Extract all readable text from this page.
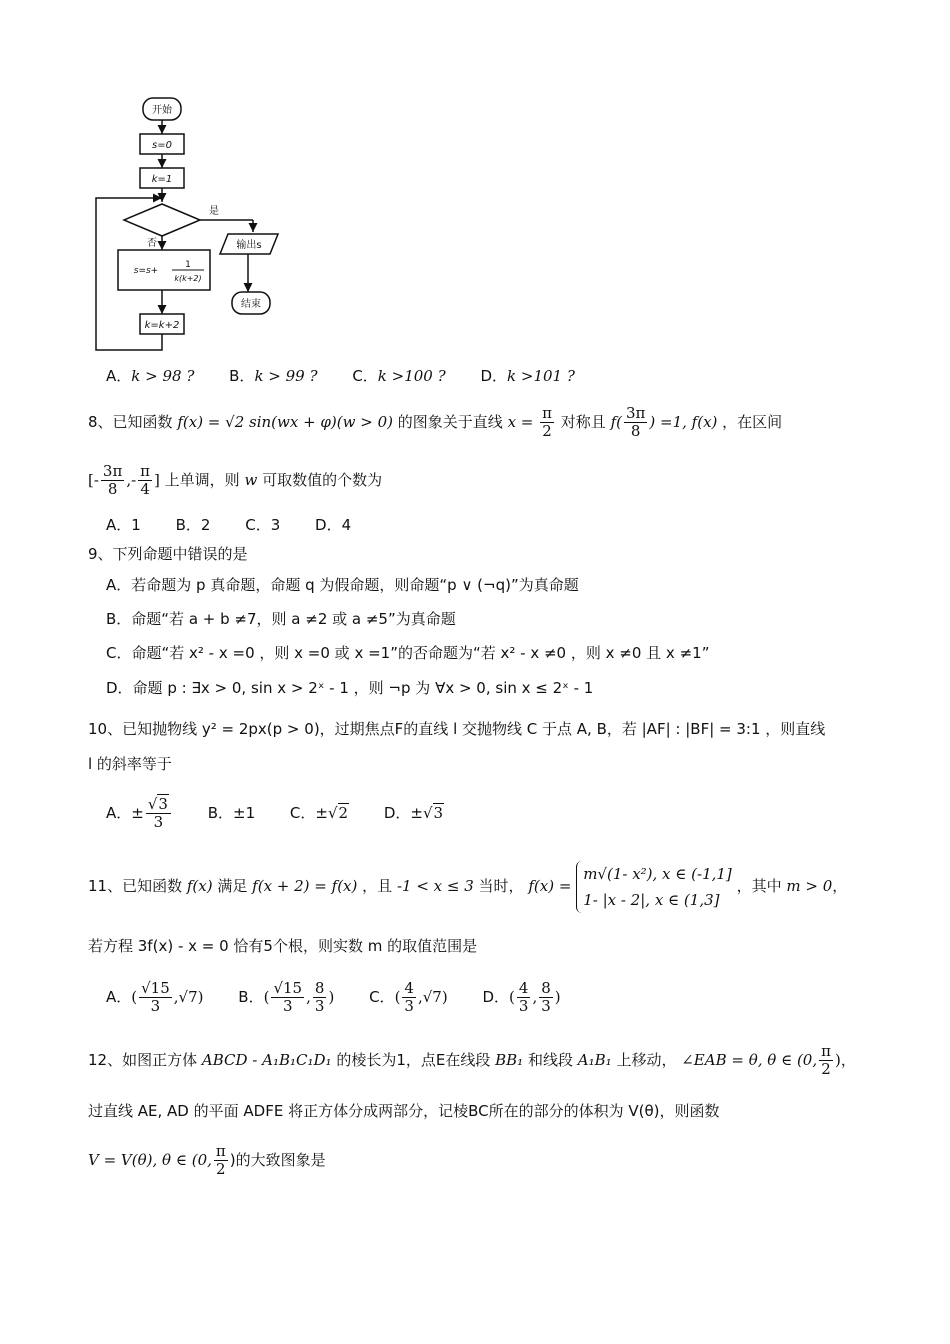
开始
s=0
k=1
是
否
s=s+
1
k(k+2)
k=k+2
输出s
结束
A．k > 98 ? B．k > 99 ? C．k >100 ? D．k >101 ?
8、已知函数 f(x) = √2 sin(wx + φ)(w > 0) 的图象关于直线 $x = \frac{\pi}{2}$ 对称且 $f( \frac{3\pi}{8}$ ) =1, f(x) ，在区间
[- $\frac{3\pi}{8}$ ,- $\frac{\pi}{4}$ ] 上单调，则 w 可取数值的个数为
A．1 B．2 C．3 D．4
9、下列命题中错误的是
A．若命题为 p 真命题，命题 q 为假命题，则命题“p ∨ (¬q)”为真命题
B．命题“若 a + b ≠7，则 a ≠2 或 a ≠5”为真命题
C．命题“若 x² - x =0 ，则 x =0 或 x =1”的否命题为“若 x² - x ≠0 ，则 x ≠0 且 x ≠1”
D．命题 p : ∃x > 0, sin x > 2ˣ - 1 ，则 ¬p 为 ∀x > 0, sin x ≤ 2ˣ - 1
10、已知抛物线 y² = 2px(p > 0)，过期焦点F的直线 l 交抛物线 C 于点 A, B，若 |AF| : |BF| = 3:1 ，则直线
l 的斜率等于
A．± $\frac{√3}{3}$ B．±1 C．±√2 D．±√3
11、已知函数 f(x) 满足 f(x + 2) = f(x) ，且 -1 < x ≤ 3 当时， f(x) =
m√(1- x²), x ∈ (-1,1]
1- |x - 2|, x ∈ (1,3]
，其中 m > 0，
若方程 3f(x) - x = 0 恰有5个根，则实数 m 的取值范围是
A．( $\frac{√15}{3} ,√7$) B．( $\frac{√15}{3}$ , $\frac{8}{3}$ ) C．( $\frac{4}{3} ,√7$) D．( $\frac{4}{3}$ , $\frac{8}{3}$ )
12、如图正方体 ABCD - A₁B₁C₁D₁ 的棱长为1，点E在线段 BB₁ 和线段 A₁B₁ 上移动， ∠EAB = θ, θ ∈ (0, $\frac{\pi}{2}$ )，
过直线 AE, AD 的平面 ADFE 将正方体分成两部分，记棱BC所在的部分的体积为 V(θ)，则函数
V = V(θ), θ ∈ (0, $\frac{\pi}{2}$ )的大致图象是
